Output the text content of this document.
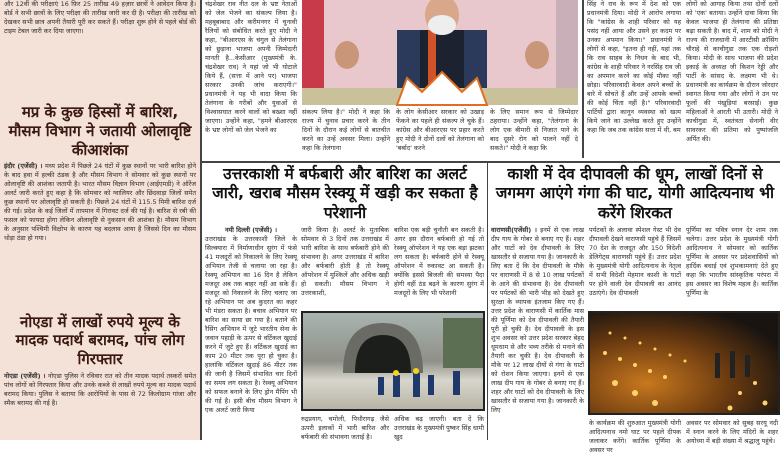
और 12वीं की परीक्षाएं 16 फ़िर 25 तारीख 49 हज़ार छात्रों ने आवेदन किया है। बोर्ड ने सभी छात्रों के लिए परीक्षा की तारीख जारी कर दी है। परीक्षा की तारीख को देखकर सभी छात्र अपनी तैयारी पूरी कर सकते हैं। परीक्षा शुरू होने से पहले बोर्ड की टाइम टेबल जारी कर दिया जाएगा।
मप्र के कुछ हिस्सों में बारिश, मौसम विभाग ने जतायी ओलावृष्टि कीआशंका
इंदौर (एजेंसी) । मध्य प्रदेश में पिछले 24 घंटों में कुछ स्थानों पर भारी बारिश होने के बाद हवा में हल्की ठंडक है और मौसम विभाग ने सोमवार को कुछ स्थानों पर ओलावृष्टि की आशंका जतायी है। भारत मौसम विज्ञान विभाग (आईएमडी) ने ऑरेंज अलर्ट जारी करते हुए कहा है कि सोमवार को ग्वालियर और छिंदवाड़ा जिलों समेत कुछ स्थानों पर ओलावृष्टि हो सकती है। पिछले 24 घंटों में 115.5 मिमी बारिश दर्ज की गई। प्रदेश के कई जिलों में तापमान में गिरावट दर्ज की गई है। बारिश से रबी की फसल को फायदा होगा लेकिन ओलावृष्टि से नुकसान की आशंका है। मौसम विभाग के अनुसार पश्चिमी विक्षोभ के कारण यह बदलाव आया है जिससे दिन का मौसम थोड़ा ठंडा हो गया।
नोएडा में लाखों रुपये मूल्य के मादक पदार्थ बरामद, पांच लोग गिरफ्तार
नोएडा (एजेंसी) । नोएडा पुलिस ने रविवार रात को तीन मादक पदार्थ तस्करों समेत पांच लोगों को गिरफ्तार किया और उनके कब्जे से लाखों रुपये मूल्य का मादक पदार्थ बरामद किया। पुलिस ने बताया कि आरोपियों के पास से 72 किलोग्राम गांजा और स्मैक बरामद की गई है।
चंद्रशेखर राव नीत दल के भ्रष्ट नेताओं को जेल भेजने का संकल्प लिया है। महबूबाबाद और करीमनगर में चुनावी रैलियों को संबोधित करते हुए मोदी ने कहा, "बीआरएस के चंगुल से तेलंगाना को छुड़ाना भाजपा अपनी जिम्मेदारी मानती है...केसीआर (मुख्यमंत्री के. चंद्रशेखर राव) ने यहां जो भी घोटाले किये हैं, (सत्ता में आने पर) भाजपा सरकार उनकी जांच कराएगी।" प्रधानमंत्री ने यह भी वादा किया कि तेलंगाना के गरीबों और युवाओं से विश्वासघात करने वालों को बख्शा नहीं जाएगा। उन्होंने कहा, "हमने बीआरएस के भ्रष्ट लोगों को जेल भेजने का
संकल्प लिया है।" मोदी ने कहा कि राज्य में चुनाव प्रचार करने के तीन दिनों के दौरान कई लोगों से बातचीत करने का उन्हें अवसर मिला। उन्होंने कहा कि तेलंगाना
के लोग केसीआर सरकार को उखाड़ फेंकने का पहले ही संकल्प ले चुके हैं। कांग्रेस और बीआरएस पर प्रहार करते हुए मोदी ने दोनों दलों को तेलंगाना को 'बर्बाद' करने
के लिए समान रूप से जिम्मेदार ठहराया। उन्होंने कहा, "तेलंगाना के लोग एक बीमारी से निजात पाने के बाद दूसरे रोग को पालने नहीं दे सकते।" मोदी ने कहा कि
सिंह ने राव के रूप में देश को एक प्रधानमंत्री दिया। मोदी ने आरोप लगाया कि "कांग्रेस के शाही परिवार को यह पसंद नहीं आया और उसने हर कदम पर उनका अपमान किया।" प्रधानमंत्री ने लोगों से कहा, "इतना ही नहीं, यहां तक कि राव साहब के निधन के बाद भी, कांग्रेस के शाही परिवार ने नरसिंह राव जी का अपमान करने का कोई मौका नहीं छोड़ा। परिवारवादी केवल अपने बच्चों के बारे में सोचते हैं और उन्हें आपके बच्चों की कोई चिंता नहीं है।" परिवारवादी पार्टियों द्वारा कानून व्यवस्था को खत्म किये जाने का उल्लेख करते हुए उन्होंने कहा कि जब तक कांग्रेस सत्ता में थी, बम
लोगों को आगाह किया तथा दोनों दलों को 'एक' बताया। उन्होंने दावा किया कि केवल भाजपा ही तेलंगाना की प्रतिष्ठा बढ़ा सकती है। बाद में, शाम को मोदी ने राज्य की राजधानी में आरटीसी क्रॉसिंग चौराहे से काचीगुडा तक एक रोड़शो किया। मोदी के साथ भाजपा की प्रदेश इकाई के अध्यक्ष जी किशन रेड्डी और पार्टी के सांसद के. लक्ष्मण भी थे। प्रधानमंत्री का कार्यक्रम के दौरान जोरदार स्वागत किया गया और लोगों ने उन पर फूलों की पंखुड़ियां बरसाईं। कुछ महिलाओं ने आरती भी उतारी। मोदी ने काचीगुडा में, स्वतंत्रता सेनानी वीर सावरकर की प्रतिमा को पुष्पांजलि अर्पित की।
उत्तरकाशी में बर्फबारी और बारिश का अलर्ट जारी, खराब मौसम रेस्क्यू में खड़ी कर सकता है परेशानी
नयी दिल्ली (एजेंसी) ।
उत्तराखंड के उत्तरकाशी जिले के सिल्क्यारा में निर्माणाधीन सुरंग में फंसे 41 मजदूरों को निकालने के लिए रेस्क्यू अभियान तेजी से चलाया जा रहा है। रेस्क्यू अभियान का 16 दिन है लेकिन मजदूर अब तक बाहर नहीं आ सके हैं। मजदूर को निकालने के लिए चलाए जा रहे अभियान पर अब कुदरत का कहर भी मंडरा सकता है। बचाव अभियान पर बारिश का साया छा गया है। बताने की रैसिंग अभियान में जुटे भारतीय सेना के जवान पहाड़ी के ऊपर से वर्टिकल खुदाई करने में जुटे हुए हैं। वर्टिकल खुदाई का काम 20 मीटर तक पूरा हो चुका है। हालांकि वर्टिकल खुदाई 86 मीटर तक की जानी है जिसमें संभावित चार दिनों का समय लग सकता है। रेस्क्यू अभियान को सफल बनाने के लिए ड्रोन मैपिंग भी की गई है। इसी बीच मौसम विभाग ने एक अलर्ट जारी किया
जारी किया है। अलर्ट के मुताबिक सोमवार से 3 दिनों तक उत्तराखंड में भारी बारिश के साथ बर्फबारी होने की संभावना है। अगर उत्तराखंड में बारिश और बर्फबारी होती है तो रेस्क्यू ऑपरेशन में मुश्किलें और अधिक खड़ी हो सकती। मौसम विभाग ने उत्तरकाशी,
बारिश एक बड़ी चुनौती बन सकती है। अगर इस दौरान बर्फबारी हो गई तो रेस्क्यू ऑपरेशन ने यह एक बड़ा झटका लग सकता है। बर्फबारी होने से रेस्क्यू ऑपरेशन में रुकावट आ सकती है। क्योंकि इससे बिजली की समस्या पैदा होगी वहीं ठंड बढ़ने के कारण सुरंग में मजदूरों के लिए भी परेशानी
रुद्रप्रयाग, चमोली, पिथौरागढ़ जैसे ऊपरी इलाकों में भारी बारिश और बर्फबारी की संभावना जताई है।
अधिक बढ़ जाएगी। बता दें कि उत्तराखंड के मुख्यमंत्री पुष्कर सिंह धामी खुद
काशी में देव दीपावली की धूम, लाखों दिनों से जगमग आएंगे गंगा की घाट, योगी आदित्यनाथ भी करेंगे शिरकत
वाराणसी(एजेंसी) । इनमें से एक लाख दीप गाय के गोबर से बनाए गए हैं। शहर और घाटों को देव दीपावली के लिए खासतौर से सजाया गया है। जानकारी के लिए बता दें कि देव दीपावली के मौके पर वाराणसी में 8 से 10 लाख पर्यटकों के आने की संभावना है। देव दीपावली पर पर्यटकों की भारी भीड़ को देखते हुए सुरक्षा के व्यापक इंतजाम किए गए हैं। उत्तर प्रदेश के वाराणसी में कार्तिक मास की पूर्णिमा को देव दीपावली की तैयारी पूरी हो चुकी है। देव दीपावली के इस शुभ अवसर को उत्तर प्रदेश सरकार बेहद धूमधाम से और भव्य तरीके से मनाने की तैयारी कर चुकी है। देव दीपावली के मौके पर 12 लाख दीयों से गंगा के घाटों को रोशन किया जाएगा। इनमें से एक लाख दीप गाय के गोबर से बनाए गए हैं। शहर और घाटों को देव दीपावली के लिए खासतौर से सजाया गया है। जानकारी के लिए
पर्यटकों के अलावा स्पेशल गेस्ट भी देव दीपावली देखने वाराणसी पहुंचे हैं जिसमें 70 देश के राजदूत और 150 विदेशी डेलिगेट्स वाराणसी पहुंचे हैं। उत्तर प्रदेश के मुख्यमंत्री योगी आदित्यनाथ के नेतृत्व में सभी विदेशी मेहमान काशी के घाटों पर होने वाली देव दीपावली का आनंद उठाएंगे। देव दीपावली
पूर्णिमा का पवित्र स्नान देर शाम तक चलेगा। उत्तर प्रदेश के मुख्यमंत्री योगी आदित्यनाथ ने सोमवार को कार्तिक पूर्णिमा के अवसर पर प्रदेशवासियों को हार्दिक बधाई एवं शुभकामनाएं देते हुए कहा कि भारतीय सांस्कृतिक परंपरा में इस अवसर का विशेष महत्व है। कार्तिक पूर्णिमा के
के कार्यक्रम की शुरुआत मुख्यमंत्री योगी आदित्यनाथ नमो घाट पर पहले दीपक जलाकर करेंगे। कार्तिक पूर्णिमा के अवसर पर
अवसर पर सोमवार को सुबह सरयू नदी में स्नान करने के लिए मंदिरों के शहर अयोध्या में बड़ी संख्या में श्रद्धालु पहुंचे।
